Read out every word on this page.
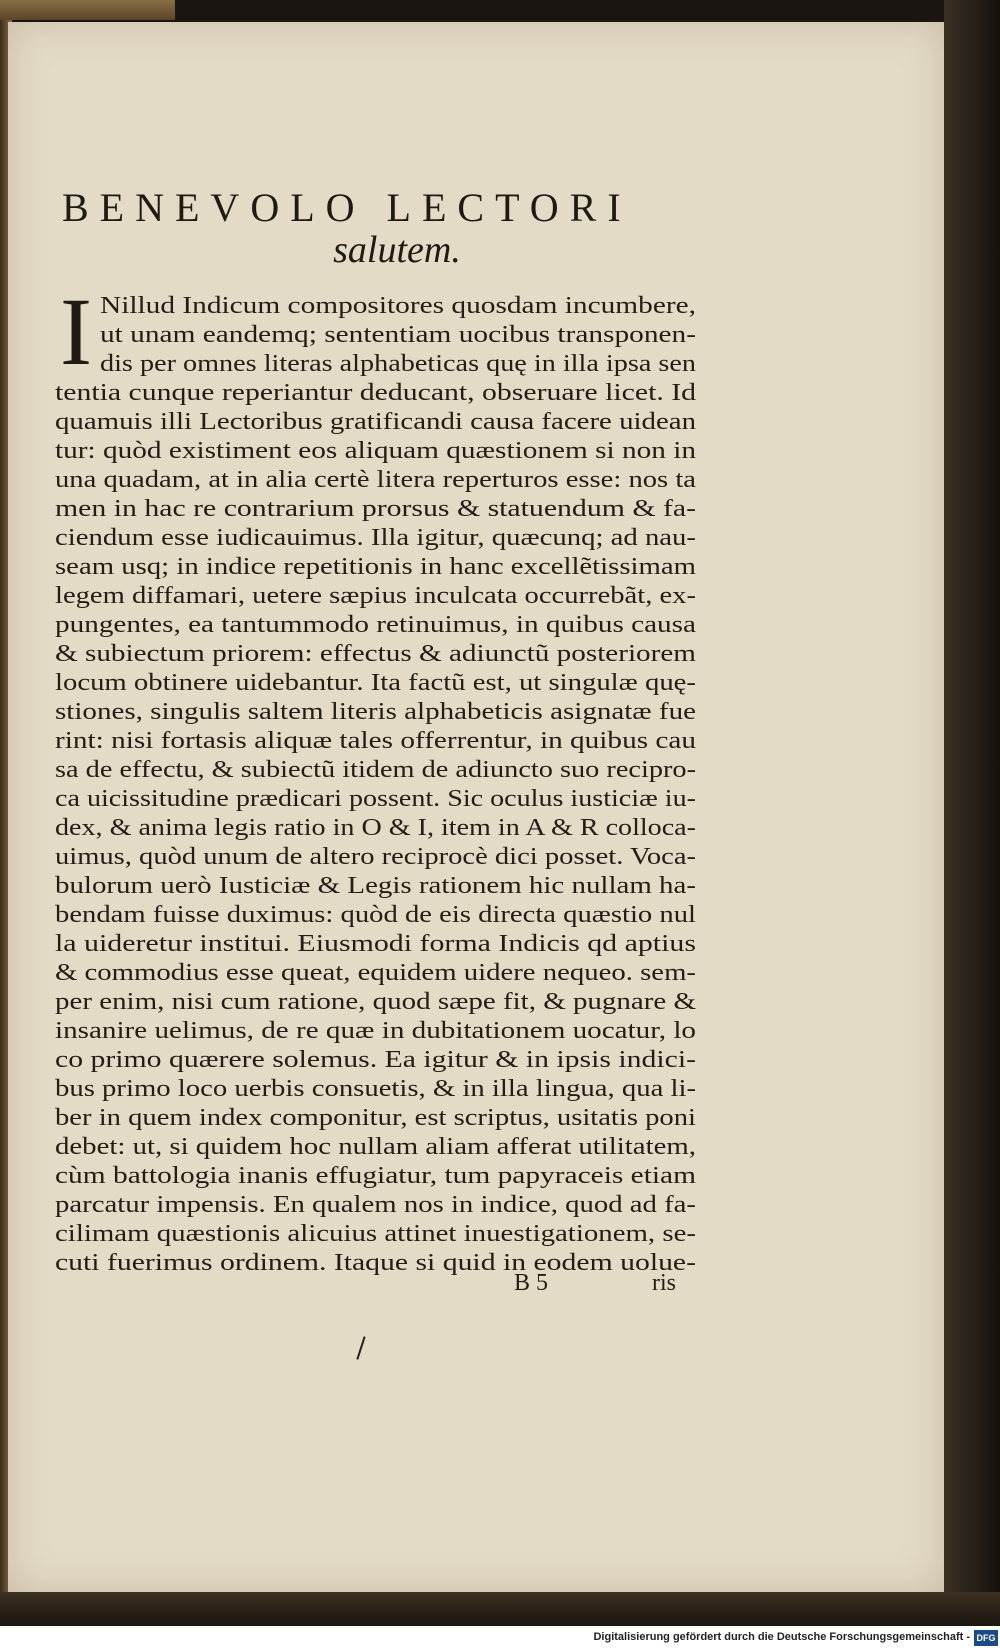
BENEVOLO LECTORI
salutem.
I Nillud Indicum compositores quosdam incumbere,
ut unam eandemq; sententiam uocibus transponen-
dis per omnes literas alphabeticas quę in illa ipsa sen
tentia cunque reperiantur deducant, obseruare licet. Id
quamuis illi Lectoribus gratificandi causa facere uidean
tur: quòd existiment eos aliquam quæstionem si non in
una quadam, at in alia certè litera reperturos esse: nos ta
men in hac re contrarium prorsus & statuendum & fa-
ciendum esse iudicauimus. Illa igitur, quæcunq; ad nau-
seam usq; in indice repetitionis in hanc excellẽtissimam
legem diffamari, uetere sæpius inculcata occurrebãt, ex-
pungentes, ea tantummodo retinuimus, in quibus causa
& subiectum priorem: effectus & adiunctũ posteriorem
locum obtinere uidebantur. Ita factũ est, ut singulæ quę-
stiones, singulis saltem literis alphabeticis asignatæ fue
rint: nisi fortasis aliquæ tales offerrentur, in quibus cau
sa de effectu, & subiectũ itidem de adiuncto suo recipro-
ca uicissitudine prædicari possent. Sic oculus iusticiæ iu-
dex, & anima legis ratio in O & I, item in A & R colloca-
uimus, quòd unum de altero reciprocè dici posset. Voca-
bulorum uerò Iusticiæ & Legis rationem hic nullam ha-
bendam fuisse duximus: quòd de eis directa quæstio nul
la uideretur institui. Eiusmodi forma Indicis qd aptius
& commodius esse queat, equidem uidere nequeo. sem-
per enim, nisi cum ratione, quod sæpe fit, & pugnare &
insanire uelimus, de re quæ in dubitationem uocatur, lo
co primo quærere solemus. Ea igitur & in ipsis indici-
bus primo loco uerbis consuetis, & in illa lingua, qua li-
ber in quem index componitur, est scriptus, usitatis poni
debet: ut, si quidem hoc nullam aliam afferat utilitatem,
cùm battologia inanis effugiatur, tum papyraceis etiam
parcatur impensis. En qualem nos in indice, quod ad fa-
cilimam quæstionis alicuius attinet inuestigationem, se-
cuti fuerimus ordinem. Itaque si quid in eodem uolue-
B 5	ris
Digitalisierung gefördert durch die Deutsche Forschungsgemeinschaft - DFG
